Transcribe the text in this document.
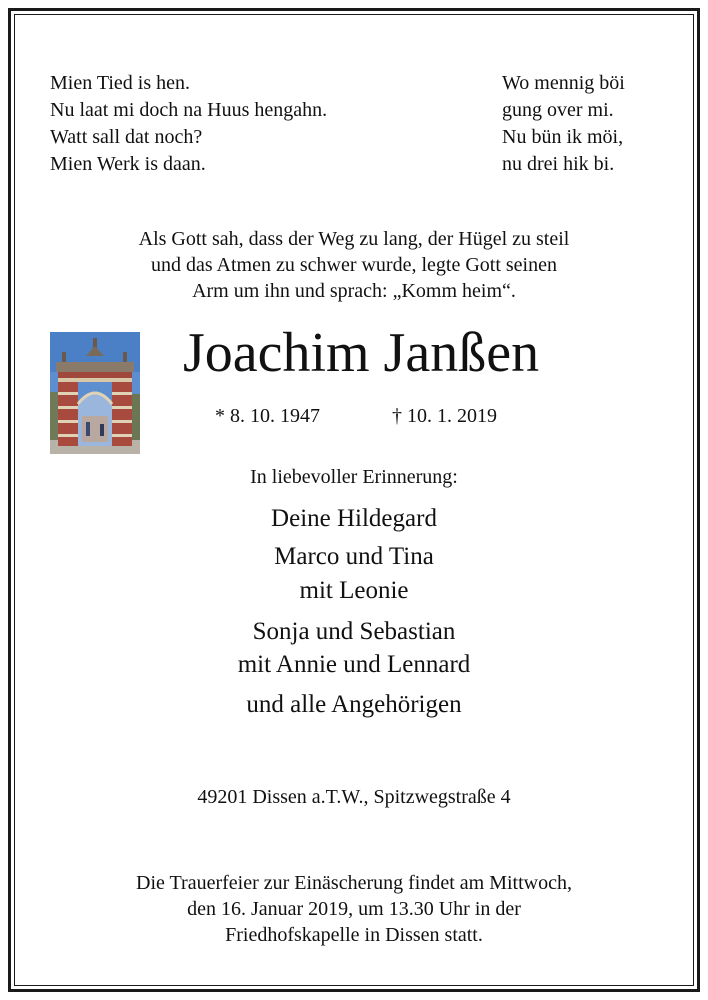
Mien Tied is hen.
Nu laat mi doch na Huus hengahn.
Watt sall dat noch?
Mien Werk is daan.
Wo mennig böi
gung over mi.
Nu bün ik möi,
nu drei hik bi.
Als Gott sah, dass der Weg zu lang, der Hügel zu steil
und das Atmen zu schwer wurde, legte Gott seinen
Arm um ihn und sprach: „Komm heim“.
Joachim Janßen
* 8. 10. 1947	† 10. 1. 2019
In liebevoller Erinnerung:
Deine Hildegard
Marco und Tina
mit Leonie
Sonja und Sebastian
mit Annie und Lennard
und alle Angehörigen
49201 Dissen a.T.W., Spitzwegstraße 4
Die Trauerfeier zur Einäscherung findet am Mittwoch,
den 16. Januar 2019, um 13.30 Uhr in der
Friedhofskapelle in Dissen statt.
